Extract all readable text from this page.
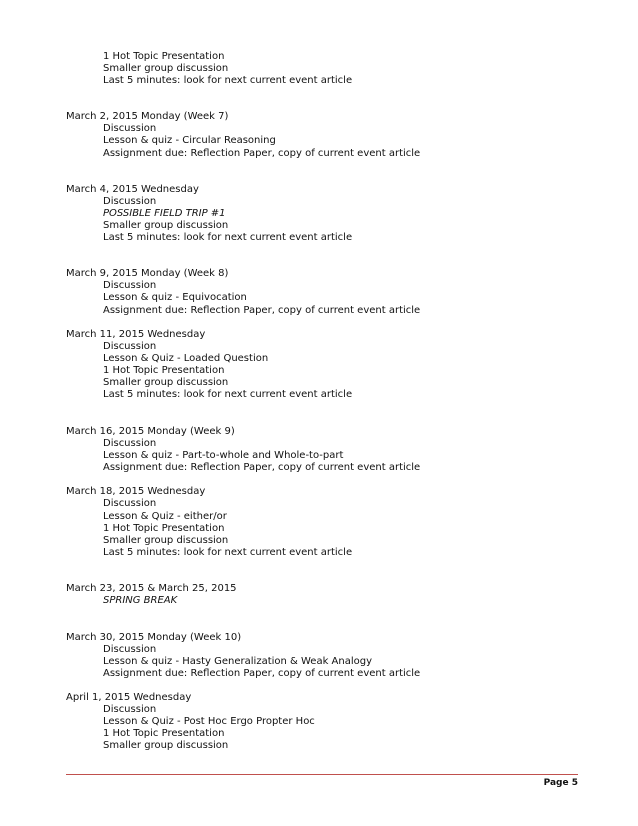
1 Hot Topic Presentation
Smaller group discussion
Last 5 minutes: look for next current event article
March 2, 2015 Monday (Week 7)
Discussion
Lesson & quiz - Circular Reasoning
Assignment due: Reflection Paper, copy of current event article
March 4, 2015 Wednesday
Discussion
POSSIBLE FIELD TRIP #1
Smaller group discussion
Last 5 minutes: look for next current event article
March 9, 2015 Monday (Week 8)
Discussion
Lesson & quiz - Equivocation
Assignment due: Reflection Paper, copy of current event article
March 11, 2015 Wednesday
Discussion
Lesson & Quiz - Loaded Question
1 Hot Topic Presentation
Smaller group discussion
Last 5 minutes: look for next current event article
March 16, 2015 Monday (Week 9)
Discussion
Lesson & quiz - Part-to-whole and Whole-to-part
Assignment due: Reflection Paper, copy of current event article
March 18, 2015 Wednesday
Discussion
Lesson & Quiz - either/or
1 Hot Topic Presentation
Smaller group discussion
Last 5 minutes: look for next current event article
March 23, 2015 & March 25, 2015
SPRING BREAK
March 30, 2015 Monday (Week 10)
Discussion
Lesson & quiz - Hasty Generalization & Weak Analogy
Assignment due: Reflection Paper, copy of current event article
April 1, 2015 Wednesday
Discussion
Lesson & Quiz - Post Hoc Ergo Propter Hoc
1 Hot Topic Presentation
Smaller group discussion
Page 5
